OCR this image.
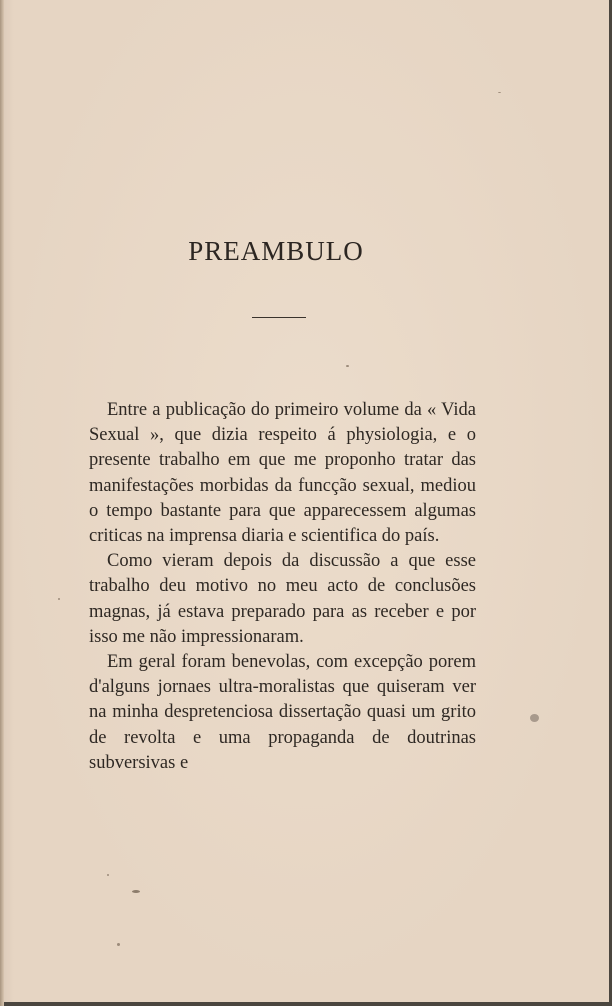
PREAMBULO

Entre a publicação do primeiro volume da « Vida Sexual », que dizia respeito á physiologia, e o presente trabalho em que me proponho tratar das manifestações morbidas da funcção sexual, mediou o tempo bastante para que apparecessem algumas criticas na imprensa diaria e scientifica do país.

Como vieram depois da discussão a que esse trabalho deu motivo no meu acto de conclusões magnas, já estava preparado para as receber e por isso me não impressionaram.

Em geral foram benevolas, com excepção porem d'alguns jornaes ultra-moralistas que quiseram ver na minha despretenciosa dissertação quasi um grito de revolta e uma propaganda de doutrinas subversivas e
